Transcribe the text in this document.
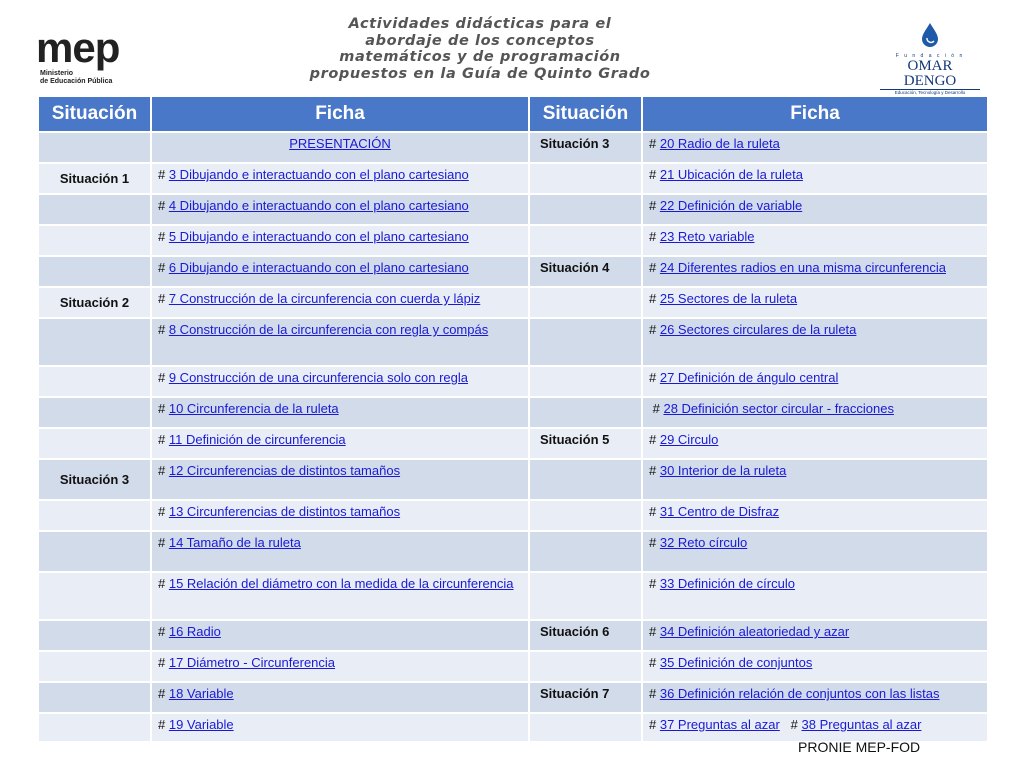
mep
Ministerio
de Educación Pública
Actividades didácticas para el
abordaje de los conceptos
matemáticos y de programación
propuestos en la Guía de Quinto Grado
F u n d a c i ó n
OMAR DENGO
Educación, Tecnología y Desarrollo
Situación	Ficha	Situación	Ficha
	PRESENTACIÓN	Situación 3	# 20 Radio de la ruleta
Situación 1	# 3 Dibujando e interactuando con el plano cartesiano		# 21 Ubicación de la ruleta
	# 4 Dibujando e interactuando con el plano cartesiano		# 22 Definición de variable
	# 5 Dibujando e interactuando con el plano cartesiano		# 23 Reto variable
	# 6 Dibujando e interactuando con el plano cartesiano	Situación 4	# 24 Diferentes radios en una misma circunferencia
Situación 2	# 7 Construcción de la circunferencia con cuerda y lápiz		# 25 Sectores de la ruleta
	# 8 Construcción de la circunferencia con regla y compás		# 26 Sectores circulares de la ruleta
	# 9 Construcción de una circunferencia solo con regla		# 27 Definición de ángulo central
	# 10 Circunferencia de la ruleta		# 28 Definición sector circular - fracciones
	# 11 Definición de circunferencia	Situación 5	# 29 Circulo
Situación 3	# 12 Circunferencias de distintos tamaños		# 30 Interior de la ruleta
	# 13 Circunferencias de distintos tamaños		# 31 Centro de Disfraz
	# 14 Tamaño de la ruleta		# 32 Reto círculo
	# 15 Relación del diámetro con la medida de la circunferencia		# 33 Definición de círculo
	# 16 Radio	Situación 6	# 34 Definición aleatoriedad y azar
	# 17 Diámetro - Circunferencia		# 35 Definición de conjuntos
	# 18 Variable	Situación 7	# 36 Definición relación de conjuntos con las listas
	# 19 Variable		# 37 Preguntas al azar   # 38 Preguntas al azar
PRONIE MEP-FOD
